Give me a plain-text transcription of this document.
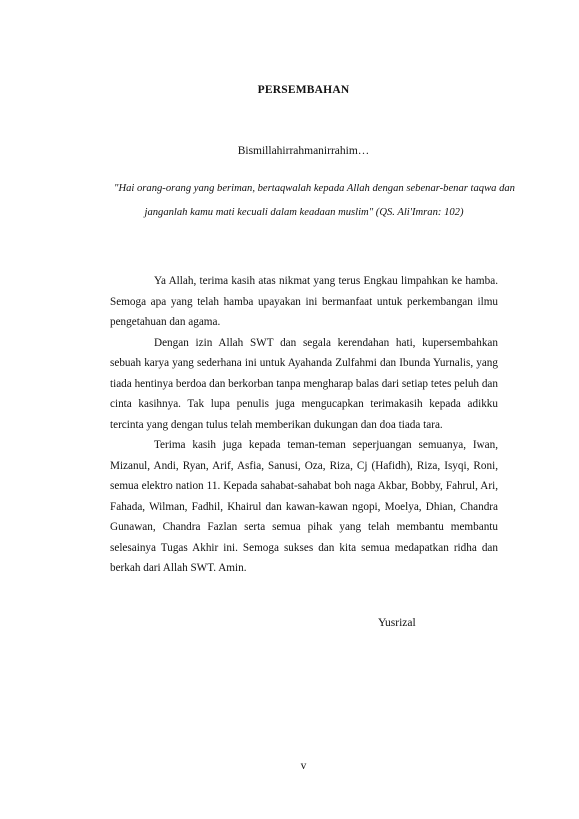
PERSEMBAHAN
Bismillahirrahmanirrahim…
"Hai orang-orang yang beriman, bertaqwalah kepada Allah dengan sebenar-benar taqwa dan
janganlah kamu mati kecuali dalam keadaan muslim" (QS. Ali'Imran: 102)

Ya Allah, terima kasih atas nikmat yang terus Engkau limpahkan ke hamba. Semoga apa yang telah hamba upayakan ini bermanfaat untuk perkembangan ilmu pengetahuan dan agama.

Dengan izin Allah SWT dan segala kerendahan hati, kupersembahkan sebuah karya yang sederhana ini untuk Ayahanda Zulfahmi dan Ibunda Yurnalis, yang tiada hentinya berdoa dan berkorban tanpa mengharap balas dari setiap tetes peluh dan cinta kasihnya. Tak lupa penulis juga mengucapkan terimakasih kepada adikku tercinta yang dengan tulus telah memberikan dukungan dan doa tiada tara.

Terima kasih juga kepada teman-teman seperjuangan semuanya, Iwan, Mizanul, Andi, Ryan, Arif, Asfia, Sanusi, Oza, Riza, Cj (Hafidh), Riza, Isyqi, Roni, semua elektro nation 11. Kepada sahabat-sahabat boh naga Akbar, Bobby, Fahrul, Ari, Fahada, Wilman, Fadhil, Khairul dan kawan-kawan ngopi, Moelya, Dhian, Chandra Gunawan, Chandra Fazlan serta semua pihak yang telah membantu membantu selesainya Tugas Akhir ini. Semoga sukses dan kita semua medapatkan ridha dan berkah dari Allah SWT. Amin.

Yusrizal
v
